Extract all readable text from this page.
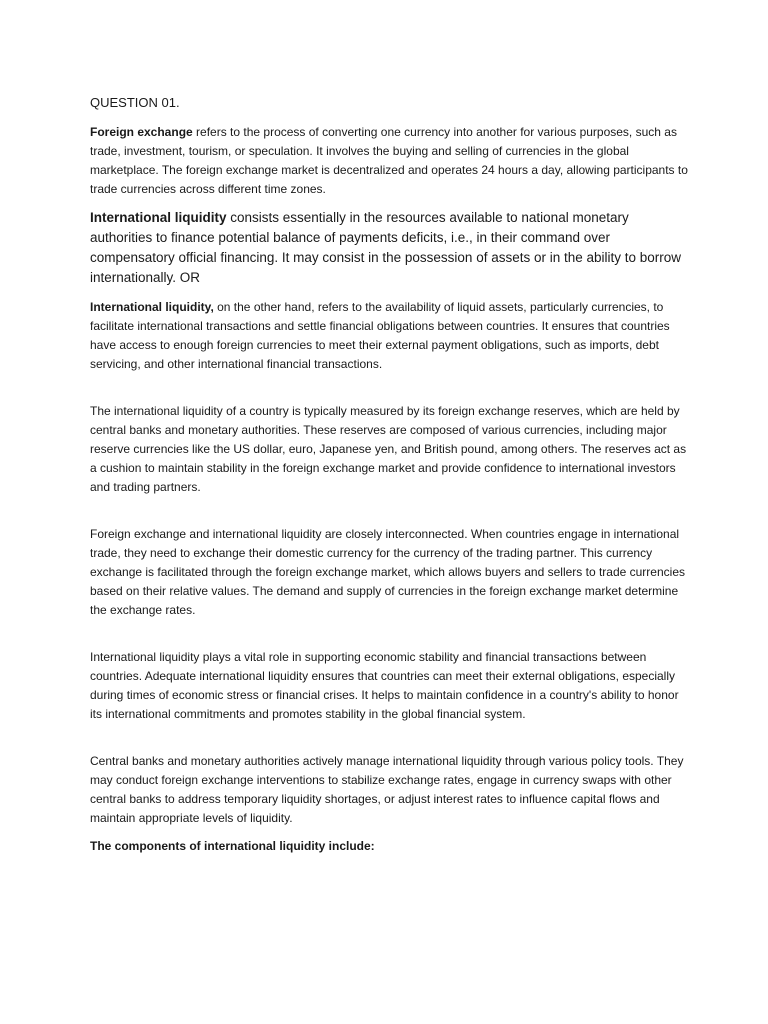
QUESTION 01.

Foreign exchange refers to the process of converting one currency into another for various purposes, such as trade, investment, tourism, or speculation. It involves the buying and selling of currencies in the global marketplace. The foreign exchange market is decentralized and operates 24 hours a day, allowing participants to trade currencies across different time zones.

International liquidity consists essentially in the resources available to national monetary authorities to finance potential balance of payments deficits, i.e., in their command over compensatory official financing. It may consist in the possession of assets or in the ability to borrow internationally. OR

International liquidity, on the other hand, refers to the availability of liquid assets, particularly currencies, to facilitate international transactions and settle financial obligations between countries. It ensures that countries have access to enough foreign currencies to meet their external payment obligations, such as imports, debt servicing, and other international financial transactions.

The international liquidity of a country is typically measured by its foreign exchange reserves, which are held by central banks and monetary authorities. These reserves are composed of various currencies, including major reserve currencies like the US dollar, euro, Japanese yen, and British pound, among others. The reserves act as a cushion to maintain stability in the foreign exchange market and provide confidence to international investors and trading partners.

Foreign exchange and international liquidity are closely interconnected. When countries engage in international trade, they need to exchange their domestic currency for the currency of the trading partner. This currency exchange is facilitated through the foreign exchange market, which allows buyers and sellers to trade currencies based on their relative values. The demand and supply of currencies in the foreign exchange market determine the exchange rates.

International liquidity plays a vital role in supporting economic stability and financial transactions between countries. Adequate international liquidity ensures that countries can meet their external obligations, especially during times of economic stress or financial crises. It helps to maintain confidence in a country's ability to honor its international commitments and promotes stability in the global financial system.

Central banks and monetary authorities actively manage international liquidity through various policy tools. They may conduct foreign exchange interventions to stabilize exchange rates, engage in currency swaps with other central banks to address temporary liquidity shortages, or adjust interest rates to influence capital flows and maintain appropriate levels of liquidity.

The components of international liquidity include:
